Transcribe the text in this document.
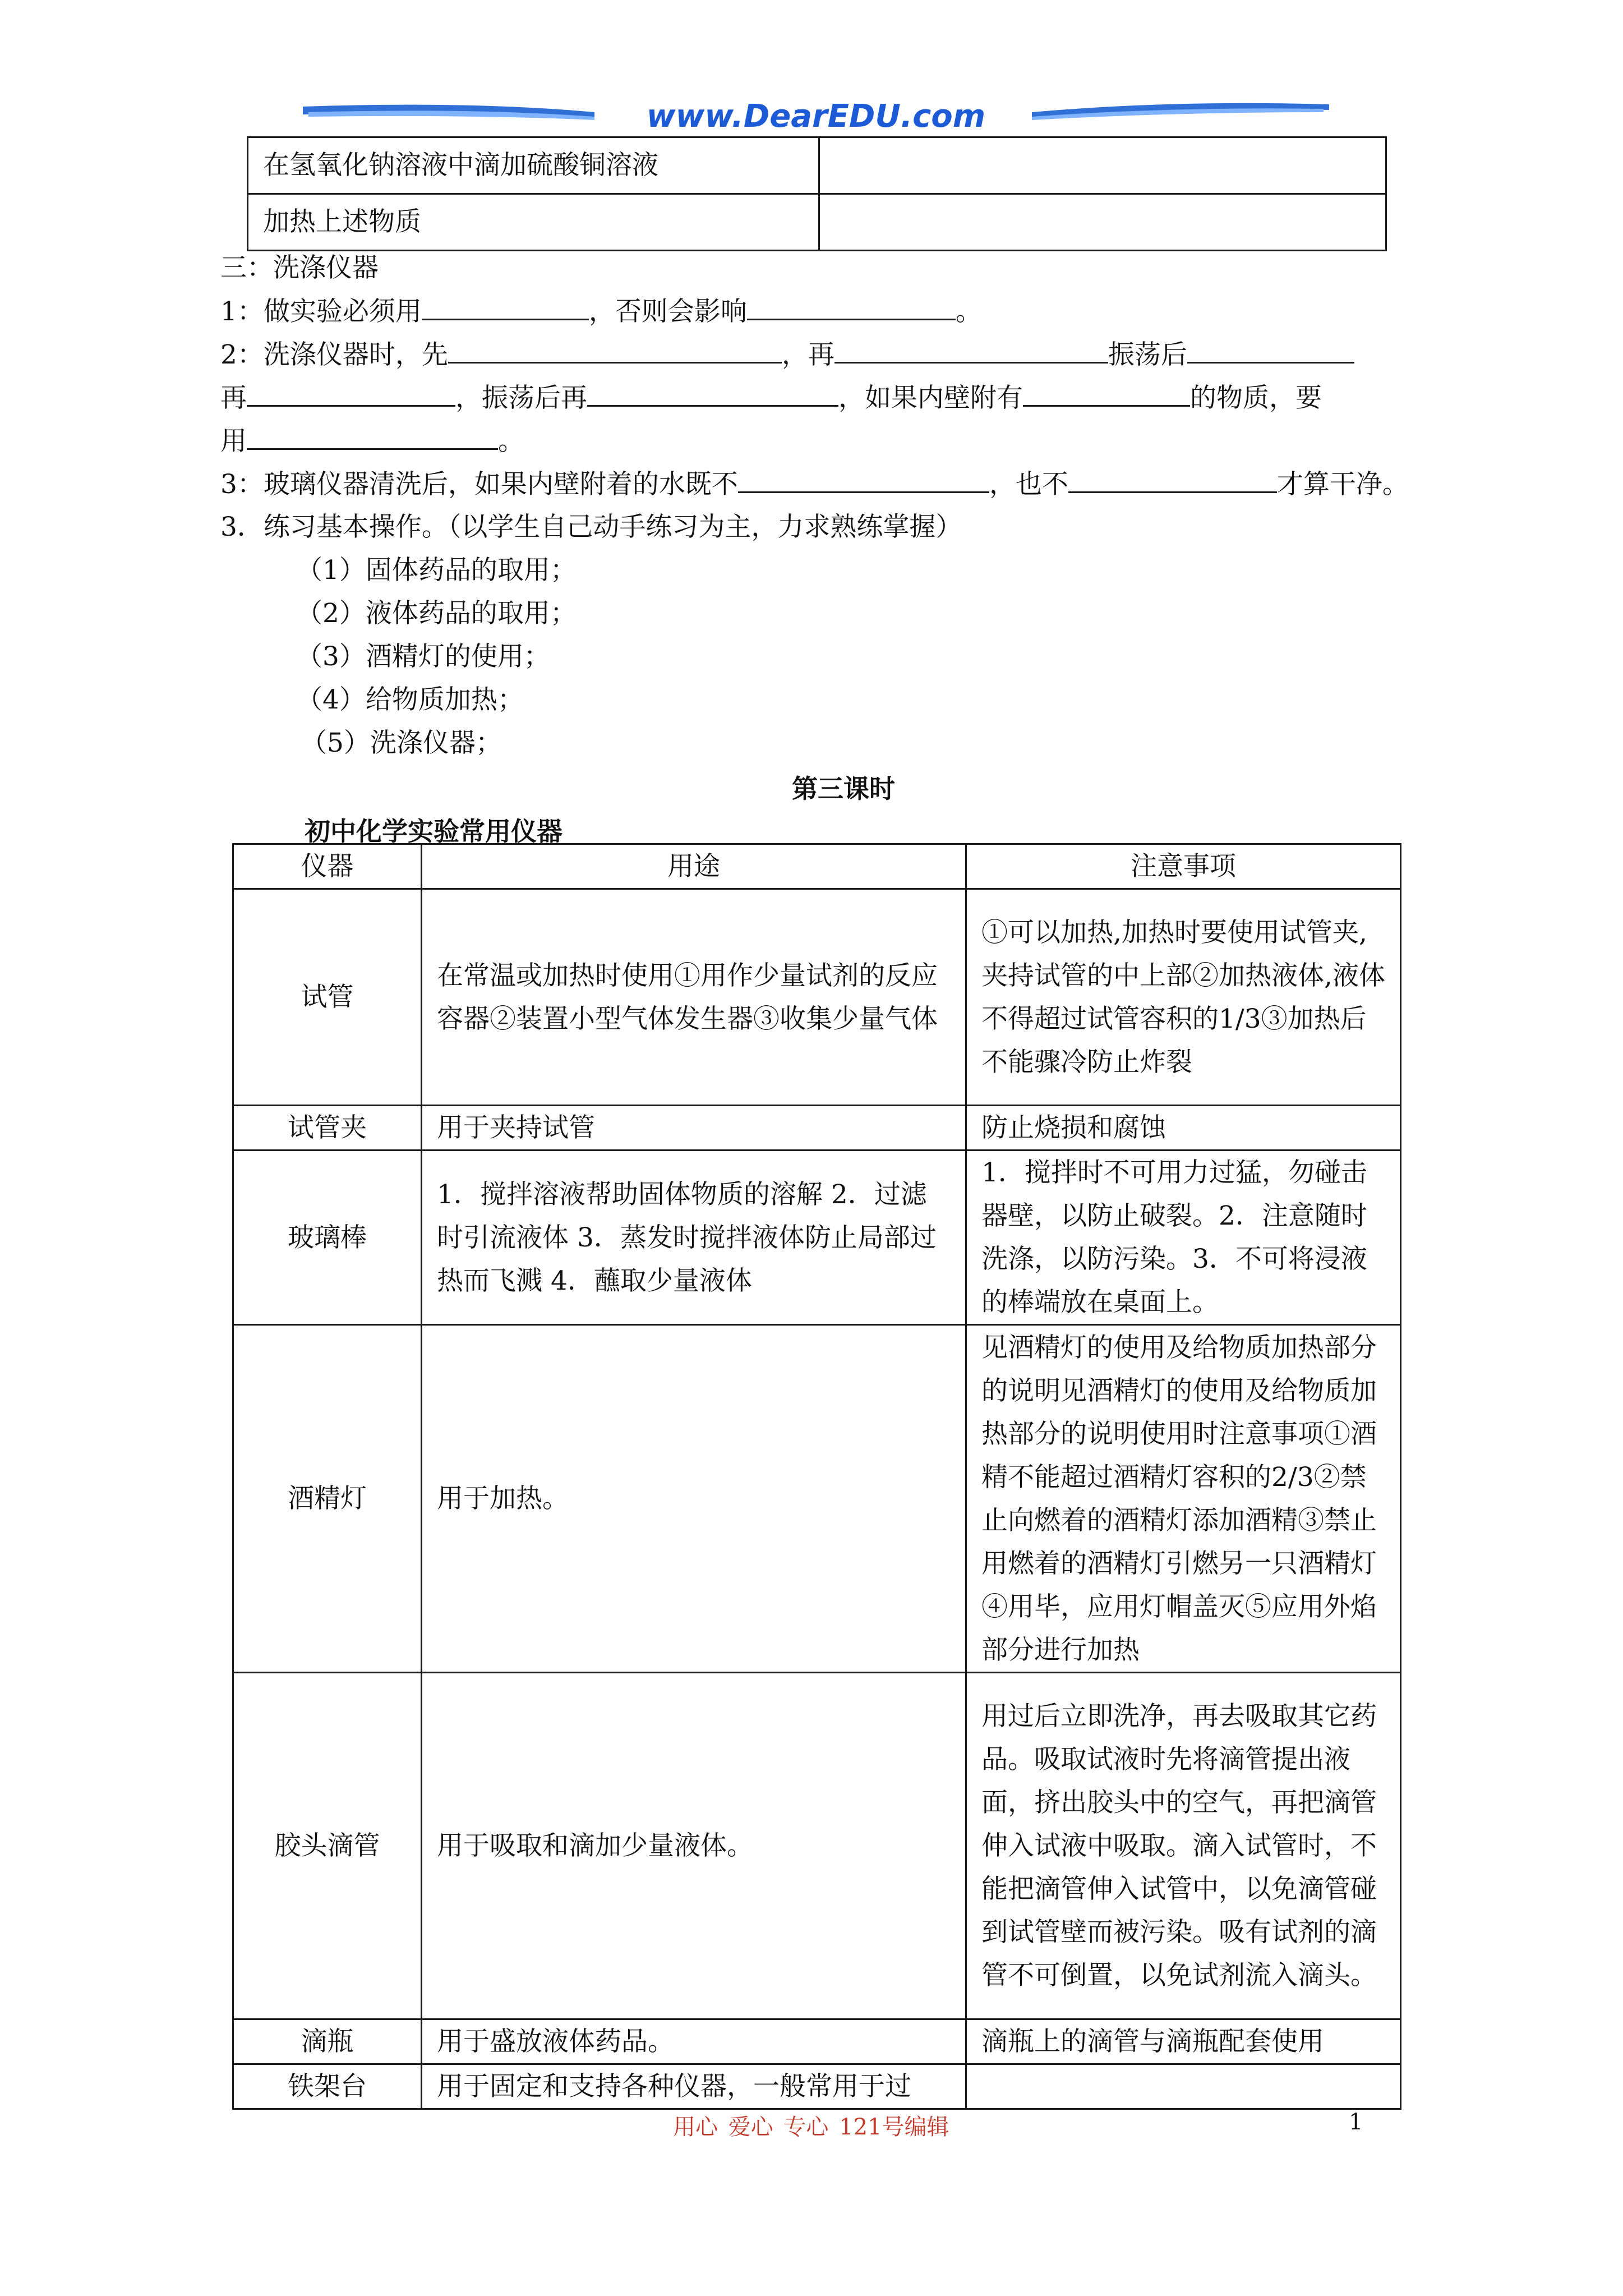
www.DearEDU.com
在氢氧化钠溶液中滴加硫酸铜溶液	
加热上述物质	
三：洗涤仪器
1：做实验必须用	，否则会影响	。
2：洗涤仪器时，先	，再	振荡后
再	，振荡后再	，如果内壁附有	的物质，要
用	。
3：玻璃仪器清洗后，如果内壁附着的水既不	，也不	才算干净。
3．练习基本操作。（以学生自己动手练习为主，力求熟练掌握）
（1）固体药品的取用；
（2）液体药品的取用；
（3）酒精灯的使用；
（4）给物质加热；
（5）洗涤仪器；
第三课时
初中化学实验常用仪器
仪器	用途	注意事项
试管	在常温或加热时使用①用作少量试剂的反应容器②装置小型气体发生器③收集少量气体	①可以加热,加热时要使用试管夹,夹持试管的中上部②加热液体,液体不得超过试管容积的1/3③加热后不能骤冷防止炸裂
试管夹	用于夹持试管	防止烧损和腐蚀
玻璃棒	1．搅拌溶液帮助固体物质的溶解 2．过滤时引流液体 3．蒸发时搅拌液体防止局部过热而飞溅 4．蘸取少量液体	1．搅拌时不可用力过猛，勿碰击器壁，以防止破裂。2．注意随时洗涤，以防污染。3．不可将浸液的棒端放在桌面上。
酒精灯	用于加热。	见酒精灯的使用及给物质加热部分的说明见酒精灯的使用及给物质加热部分的说明使用时注意事项①酒精不能超过酒精灯容积的2/3②禁止向燃着的酒精灯添加酒精③禁止用燃着的酒精灯引燃另一只酒精灯④用毕，应用灯帽盖灭⑤应用外焰部分进行加热
胶头滴管	用于吸取和滴加少量液体。	用过后立即洗净，再去吸取其它药品。吸取试液时先将滴管提出液面，挤出胶头中的空气，再把滴管伸入试液中吸取。滴入试管时，不能把滴管伸入试管中，以免滴管碰到试管壁而被污染。吸有试剂的滴管不可倒置，以免试剂流入滴头。
滴瓶	用于盛放液体药品。	滴瓶上的滴管与滴瓶配套使用
铁架台	用于固定和支持各种仪器，一般常用于过	
用心 爱心 专心 121号编辑	1
